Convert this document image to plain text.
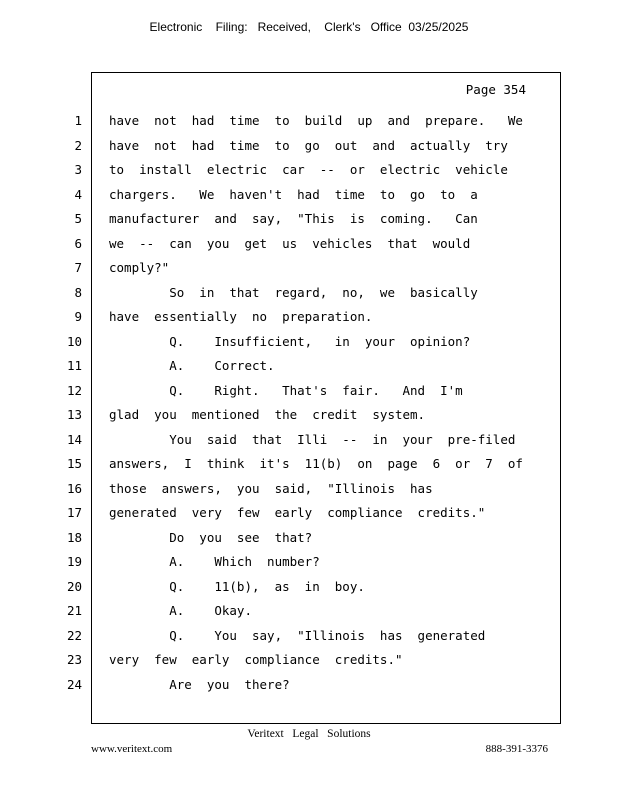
Electronic    Filing:   Received,    Clerk's   Office  03/25/2025
Page 354
1 have  not  had  time  to  build  up  and  prepare.   We
2 have  not  had  time  to  go  out  and  actually  try
3 to  install  electric  car  --  or  electric  vehicle
4 chargers.   We  haven't  had  time  to  go  to  a
5 manufacturer  and  say,  "This  is  coming.   Can
6 we  --  can  you  get  us  vehicles  that  would
7 comply?"
8 So  in  that  regard,  no,  we  basically
9 have  essentially  no  preparation.
10 Q.    Insufficient,   in  your  opinion?
11 A.    Correct.
12 Q.    Right.   That's  fair.   And  I'm
13 glad  you  mentioned  the  credit  system.
14 You  said  that  Illi  --  in  your  pre-filed
15 answers,  I  think  it's  11(b)  on  page  6  or  7  of
16 those  answers,  you  said,  "Illinois  has
17 generated  very  few  early  compliance  credits."
18 Do  you  see  that?
19 A.    Which  number?
20 Q.    11(b),  as  in  boy.
21 A.    Okay.
22 Q.    You  say,  "Illinois  has  generated
23 very  few  early  compliance  credits."
24 Are  you  there?
Veritext   Legal   Solutions
www.veritext.com	888-391-3376
